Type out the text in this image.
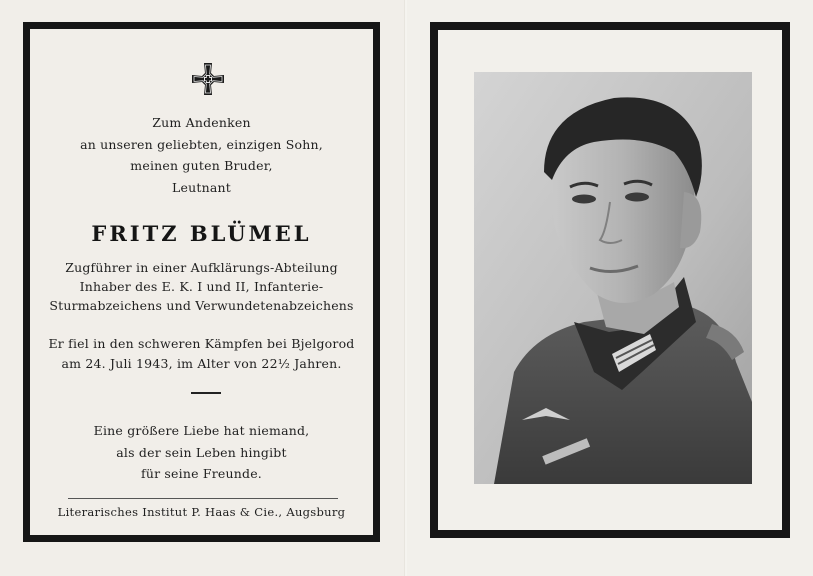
Zum Andenken
an unseren geliebten, einzigen Sohn,
meinen guten Bruder,
Leutnant
FRITZ BLÜMEL
Zugführer in einer Aufklärungs-Abteilung
Inhaber des E. K. I und II, Infanterie-
Sturmabzeichens und Verwundetenabzeichens
Er fiel in den schweren Kämpfen bei Bjelgorod
am 24. Juli 1943, im Alter von 22½ Jahren.
Eine größere Liebe hat niemand,
als der sein Leben hingibt
für seine Freunde.
Literarisches Institut P. Haas & Cie., Augsburg
